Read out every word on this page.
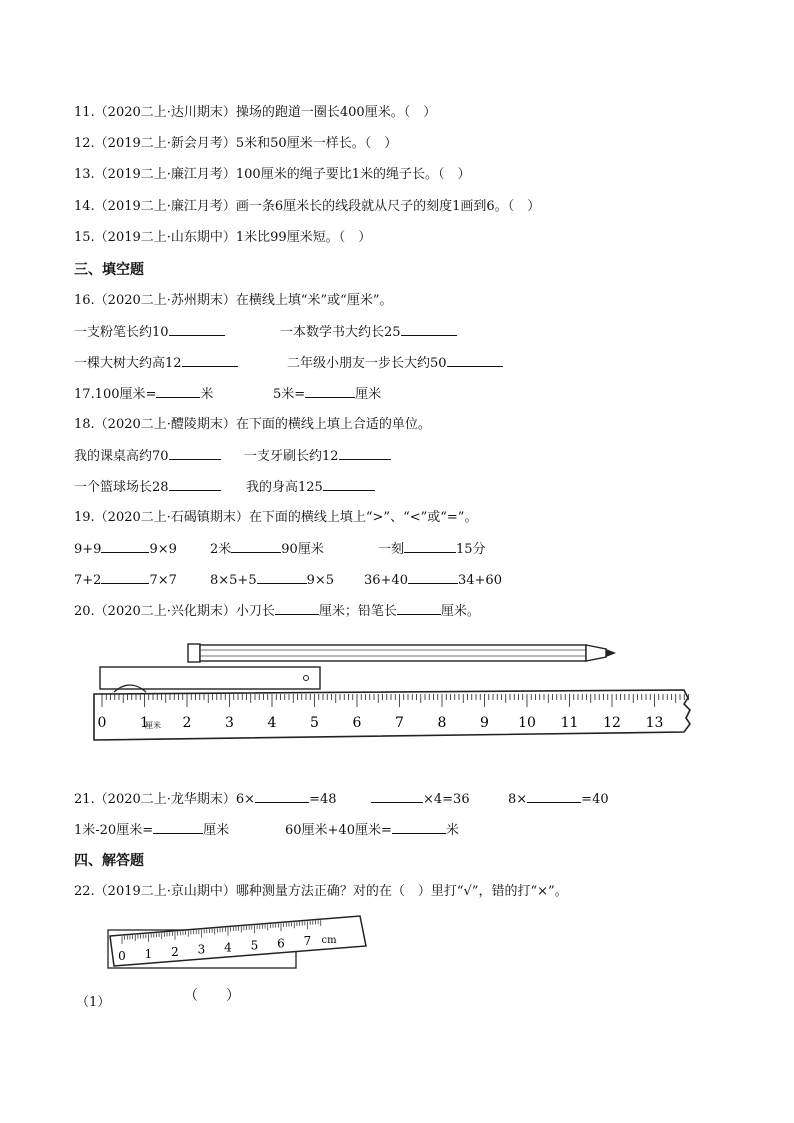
11.（2020二上·达川期末）操场的跑道一圈长400厘米。（　）
12.（2019二上·新会月考）5米和50厘米一样长。（　）
13.（2019二上·廉江月考）100厘米的绳子要比1米的绳子长。（　）
14.（2019二上·廉江月考）画一条6厘米长的线段就从尺子的刻度1画到6。（　）
15.（2019二上·山东期中）1米比99厘米短。（　）
三、填空题
16.（2020二上·苏州期末）在横线上填“米”或“厘米”。
一支粉笔长约10	一本数学书大约长25
一棵大树大约高12	二年级小朋友一步长大约50
17.100厘米=	米	5米=	厘米
18.（2020二上·醴陵期末）在下面的横线上填上合适的单位。
我的课桌高约70	一支牙刷长约12
一个篮球场长28	我的身高125
19.（2020二上·石碣镇期末）在下面的横线上填上“>”、“<”或“=”。
9+9	9×9	2米	90厘米	一刻	15分
7+2	7×7	8×5+5	9×5 36+40	34+60
20.（2020二上·兴化期末）小刀长	厘米；铅笔长	厘米。
0 1 2 3 4 5 6 7 8 9 10 11 12 13
厘米
21.（2020二上·龙华期末）6×	=48	×4=36	8×	=40
1米-20厘米=	厘米	60厘米+40厘米=	米
四、解答题
22.（2019二上·京山期中）哪种测量方法正确？对的在（　）里打“√”，错的打“×”。
0 1 2 3 4 5 6 7 cm
（1）	（　　）
